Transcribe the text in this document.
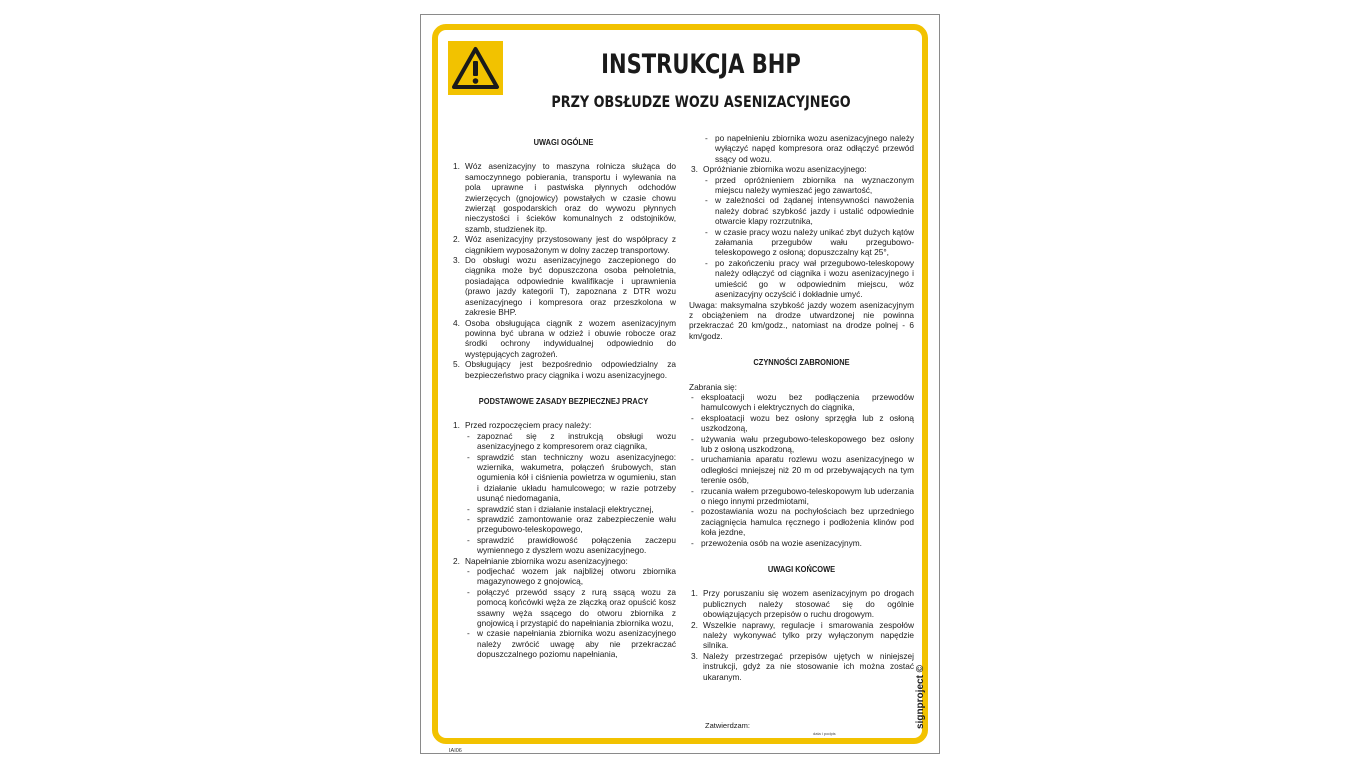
INSTRUKCJA BHP
PRZY OBSŁUDZE WOZU ASENIZACYJNEGO
UWAGI OGÓLNE
1. Wóz asenizacyjny to maszyna rolnicza służąca do samoczynnego pobierania, transportu i wylewania na pola uprawne i pastwiska płynnych odchodów zwierzęcych (gnojowicy) powstałych w czasie chowu zwierząt gospodarskich oraz do wywozu płynnych nieczystości i ścieków komunalnych z odstojników, szamb, studzienek itp.
2. Wóz asenizacyjny przystosowany jest do współpracy z ciągnikiem wyposażonym w dolny zaczep transportowy.
3. Do obsługi wozu asenizacyjnego zaczepionego do ciągnika może być dopuszczona osoba pełnoletnia, posiadająca odpowiednie kwalifikacje i uprawnienia (prawo jazdy kategorii T), zapoznana z DTR wozu asenizacyjnego i kompresora oraz przeszkolona w zakresie BHP.
4. Osoba obsługująca ciągnik z wozem asenizacyjnym powinna być ubrana w odzież i obuwie robocze oraz środki ochrony indywidualnej odpowiednio do występujących zagrożeń.
5. Obsługujący jest bezpośrednio odpowiedzialny za bezpieczeństwo pracy ciągnika i wozu asenizacyjnego.
PODSTAWOWE ZASADY BEZPIECZNEJ PRACY
1. Przed rozpoczęciem pracy należy:
- zapoznać się z instrukcją obsługi wozu asenizacyjnego z kompresorem oraz ciągnika,
- sprawdzić stan techniczny wozu asenizacyjnego: wziernika, wakumetra, połączeń śrubowych, stan ogumienia kół i ciśnienia powietrza w ogumieniu, stan i działanie układu hamulcowego; w razie potrzeby usunąć niedomagania,
- sprawdzić stan i działanie instalacji elektrycznej,
- sprawdzić zamontowanie oraz zabezpieczenie wału przegubowo-teleskopowego,
- sprawdzić prawidłowość połączenia zaczepu wymiennego z dyszlem wozu asenizacyjnego.
2. Napełnianie zbiornika wozu asenizacyjnego:
- podjechać wozem jak najbliżej otworu zbiornika magazynowego z gnojowicą,
- połączyć przewód ssący z rurą ssącą wozu za pomocą końcówki węża ze złączką oraz opuścić kosz ssawny węża ssącego do otworu zbiornika z gnojowicą i przystąpić do napełniania zbiornika wozu,
- w czasie napełniania zbiornika wozu asenizacyjnego należy zwrócić uwagę aby nie przekraczać dopuszczalnego poziomu napełniania,
- po napełnieniu zbiornika wozu asenizacyjnego należy wyłączyć napęd kompresora oraz odłączyć przewód ssący od wozu.
3. Opróżnianie zbiornika wozu asenizacyjnego:
- przed opróżnieniem zbiornika na wyznaczonym miejscu należy wymieszać jego zawartość,
- w zależności od żądanej intensywności nawożenia należy dobrać szybkość jazdy i ustalić odpowiednie otwarcie klapy rozrzutnika,
- w czasie pracy wozu należy unikać zbyt dużych kątów załamania przegubów wału przegubowo-teleskopowego z osłoną; dopuszczalny kąt 25°,
- po zakończeniu pracy wał przegubowo-teleskopowy należy odłączyć od ciągnika i wozu asenizacyjnego i umieścić go w odpowiednim miejscu, wóz asenizacyjny oczyścić i dokładnie umyć.
Uwaga: maksymalna szybkość jazdy wozem asenizacyjnym z obciążeniem na drodze utwardzonej nie powinna przekraczać 20 km/godz., natomiast na drodze polnej - 6 km/godz.
CZYNNOŚCI ZABRONIONE
Zabrania się:
- eksploatacji wozu bez podłączenia przewodów hamulcowych i elektrycznych do ciągnika,
- eksploatacji wozu bez osłony sprzęgła lub z osłoną uszkodzoną,
- używania wału przegubowo-teleskopowego bez osłony lub z osłoną uszkodzoną,
- uruchamiania aparatu rozlewu wozu asenizacyjnego w odległości mniejszej niż 20 m od przebywających na tym terenie osób,
- rzucania wałem przegubowo-teleskopowym lub uderzania o niego innymi przedmiotami,
- pozostawiania wozu na pochyłościach bez uprzedniego zaciągnięcia hamulca ręcznego i podłożenia klinów pod koła jezdne,
- przewożenia osób na wozie asenizacyjnym.
UWAGI KOŃCOWE
1. Przy poruszaniu się wozem asenizacyjnym po drogach publicznych należy stosować się do ogólnie obowiązujących przepisów o ruchu drogowym.
2. Wszelkie naprawy, regulacje i smarowania zespołów należy wykonywać tylko przy wyłączonym napędzie silnika.
3. Należy przestrzegać przepisów ujętych w niniejszej instrukcji, gdyż za nie stosowanie ich można zostać ukaranym.
Zatwierdzam:
data i podpis
IAI06
signproject ©
